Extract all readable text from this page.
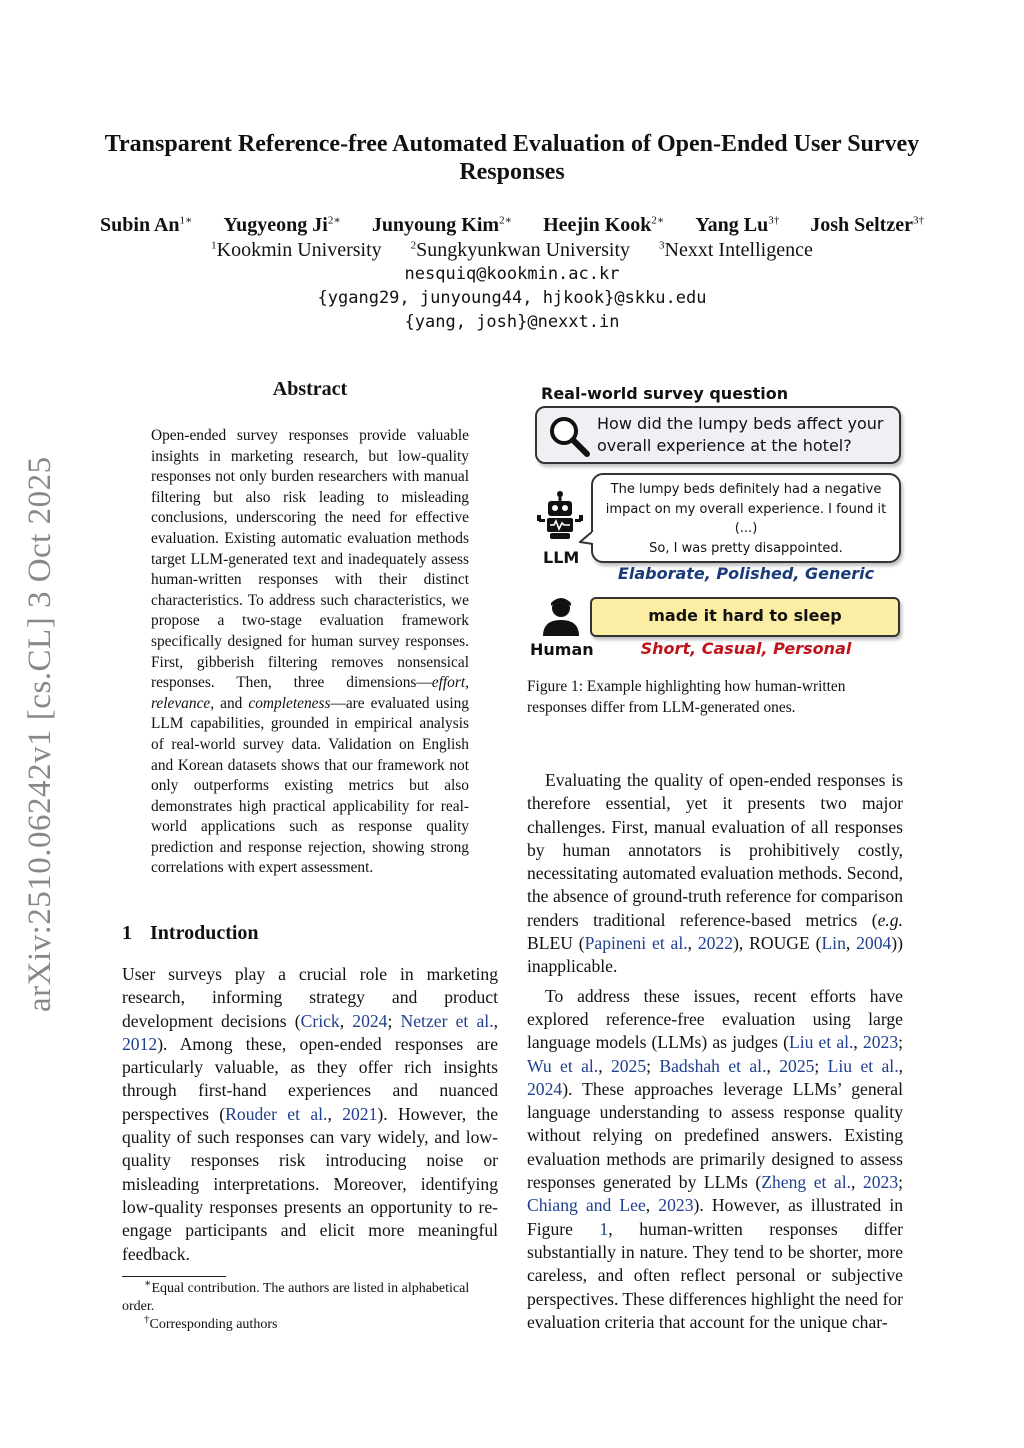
arXiv:2510.06242v1 [cs.CL] 3 Oct 2025
Transparent Reference-free Automated Evaluation of Open-Ended User Survey Responses
Subin $An^{1∗}$ Yugyeong $Ji^{2∗}$ Junyoung Kim$^{2∗}$ Heejin Kook$^{2∗}$ Yang $Lu^{3\dagger}$ Josh Seltzer$^{3\dagger}$
$^1$Kookmin University	$^2$Sungkyunkwan University	$^3$Nexxt Intelligence
nesquiq@kookmin.ac.kr
{ygang29, junyoung44, hjkook}@skku.edu
{yang, josh}@nexxt.in
Abstract
Open-ended survey responses provide valuable insights in marketing research, but low-quality responses not only burden researchers with manual filtering but also risk leading to misleading conclusions, underscoring the need for effective evaluation. Existing automatic evaluation methods target LLM-generated text and inadequately assess human-written responses with their distinct characteristics. To address such characteristics, we propose a two-stage evaluation framework specifically designed for human survey responses. First, gibberish filtering removes nonsensical responses. Then, three dimensions—effort, relevance, and completeness—are evaluated using LLM capabilities, grounded in empirical analysis of real-world survey data. Validation on English and Korean datasets shows that our framework not only outperforms existing metrics but also demonstrates high practical applicability for real-world applications such as response quality prediction and response rejection, showing strong correlations with expert assessment.
1 Introduction
User surveys play a crucial role in marketing research, informing strategy and product development decisions (Crick, 2024; Netzer et al., 2012). Among these, open-ended responses are particularly valuable, as they offer rich insights through first-hand experiences and nuanced perspectives (Rouder et al., 2021). However, the quality of such responses can vary widely, and low-quality responses risk introducing noise or misleading interpretations. Moreover, identifying low-quality responses presents an opportunity to re-engage participants and elicit more meaningful feedback.
∗Equal contribution. The authors are listed in alphabetical order.
†Corresponding authors
Real-world survey question
How did the lumpy beds affect your overall experience at the hotel?
LLM
The lumpy beds definitely had a negative impact on my overall experience. I found it
(...)
So, I was pretty disappointed.
Elaborate, Polished, Generic
Human
made it hard to sleep
Short, Casual, Personal
Figure 1: Example highlighting how human-written responses differ from LLM-generated ones.

Evaluating the quality of open-ended responses is therefore essential, yet it presents two major challenges. First, manual evaluation of all responses by human annotators is prohibitively costly, necessitating automated evaluation methods. Second, the absence of ground-truth reference for comparison renders traditional reference-based metrics (e.g. BLEU (Papineni et al., 2022), ROUGE (Lin, 2004)) inapplicable.

To address these issues, recent efforts have explored reference-free evaluation using large language models (LLMs) as judges (Liu et al., 2023; Wu et al., 2025; Badshah et al., 2025; Liu et al., 2024). These approaches leverage LLMs’ general language understanding to assess response quality without relying on predefined answers. Existing evaluation methods are primarily designed to assess responses generated by LLMs (Zheng et al., 2023; Chiang and Lee, 2023). However, as illustrated in Figure 1, human-written responses differ substantially in nature. They tend to be shorter, more careless, and often reflect personal or subjective perspectives. These differences highlight the need for evaluation criteria that account for the unique char-
